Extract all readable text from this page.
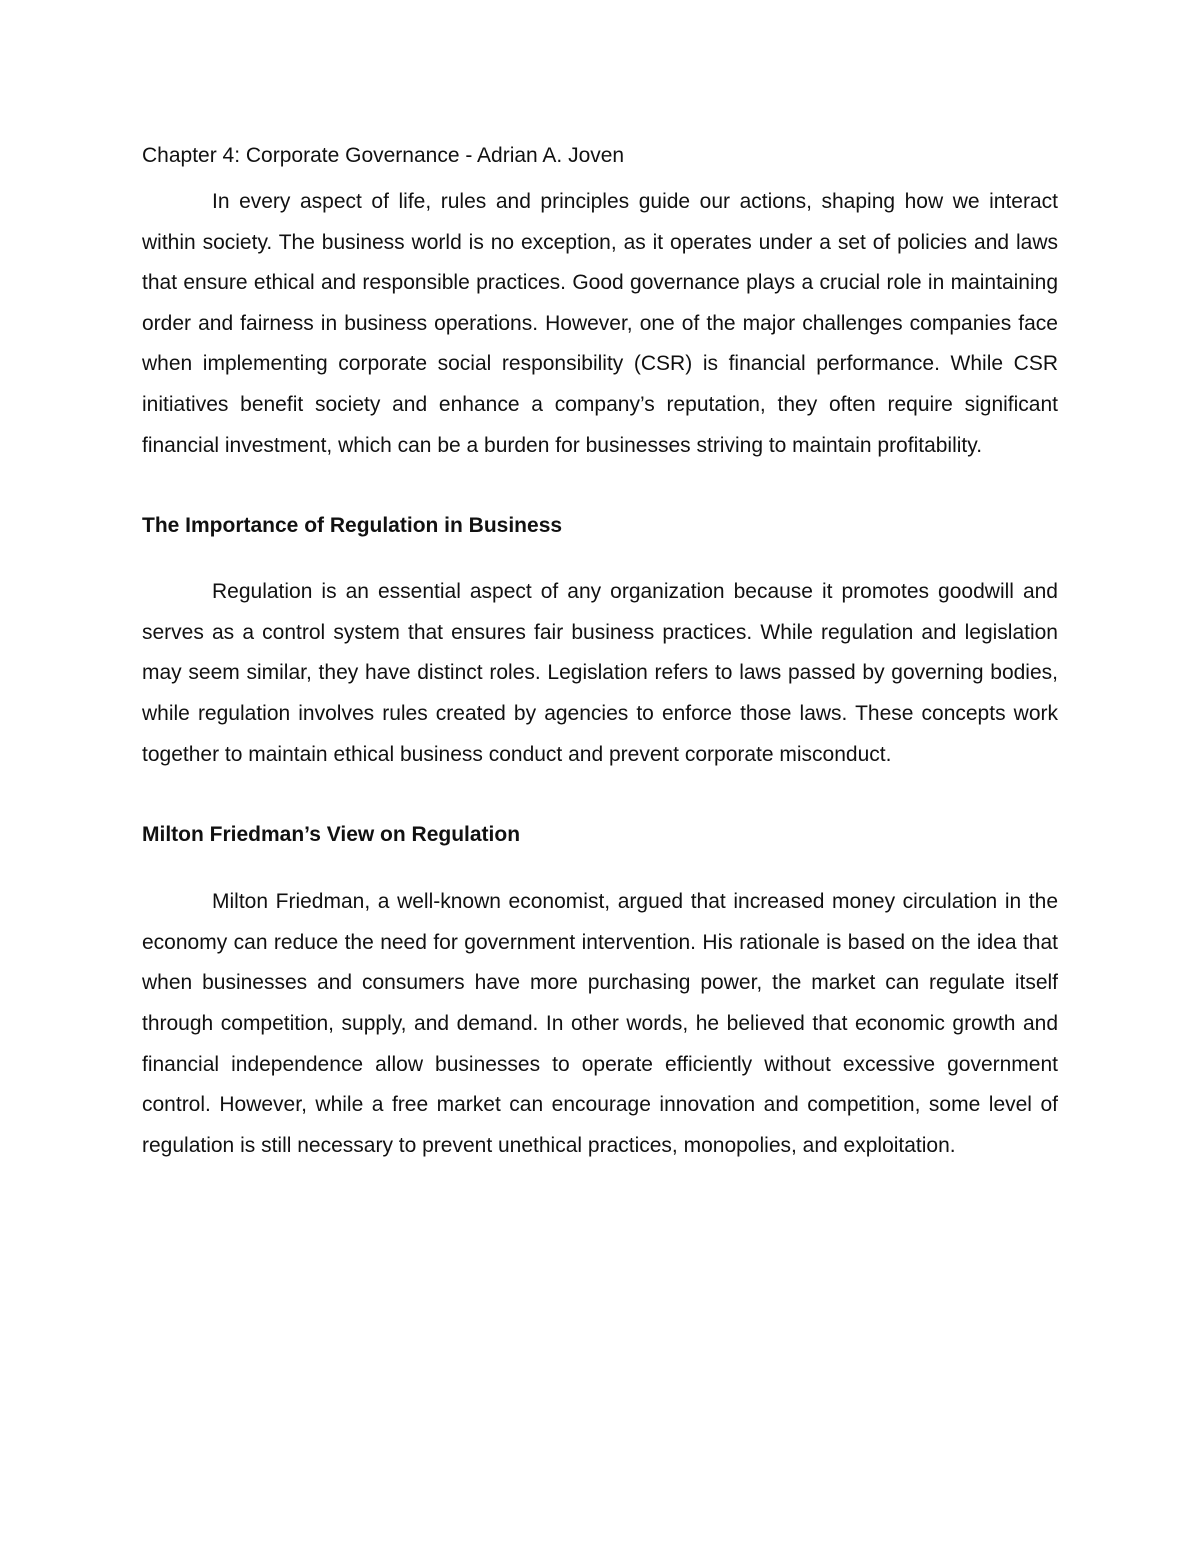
Chapter 4: Corporate Governance - Adrian A. Joven

In every aspect of life, rules and principles guide our actions, shaping how we interact within society. The business world is no exception, as it operates under a set of policies and laws that ensure ethical and responsible practices. Good governance plays a crucial role in maintaining order and fairness in business operations. However, one of the major challenges companies face when implementing corporate social responsibility (CSR) is financial performance. While CSR initiatives benefit society and enhance a company’s reputation, they often require significant financial investment, which can be a burden for businesses striving to maintain profitability.

The Importance of Regulation in Business

Regulation is an essential aspect of any organization because it promotes goodwill and serves as a control system that ensures fair business practices. While regulation and legislation may seem similar, they have distinct roles. Legislation refers to laws passed by governing bodies, while regulation involves rules created by agencies to enforce those laws. These concepts work together to maintain ethical business conduct and prevent corporate misconduct.

Milton Friedman’s View on Regulation

Milton Friedman, a well-known economist, argued that increased money circulation in the economy can reduce the need for government intervention. His rationale is based on the idea that when businesses and consumers have more purchasing power, the market can regulate itself through competition, supply, and demand. In other words, he believed that economic growth and financial independence allow businesses to operate efficiently without excessive government control. However, while a free market can encourage innovation and competition, some level of regulation is still necessary to prevent unethical practices, monopolies, and exploitation.
